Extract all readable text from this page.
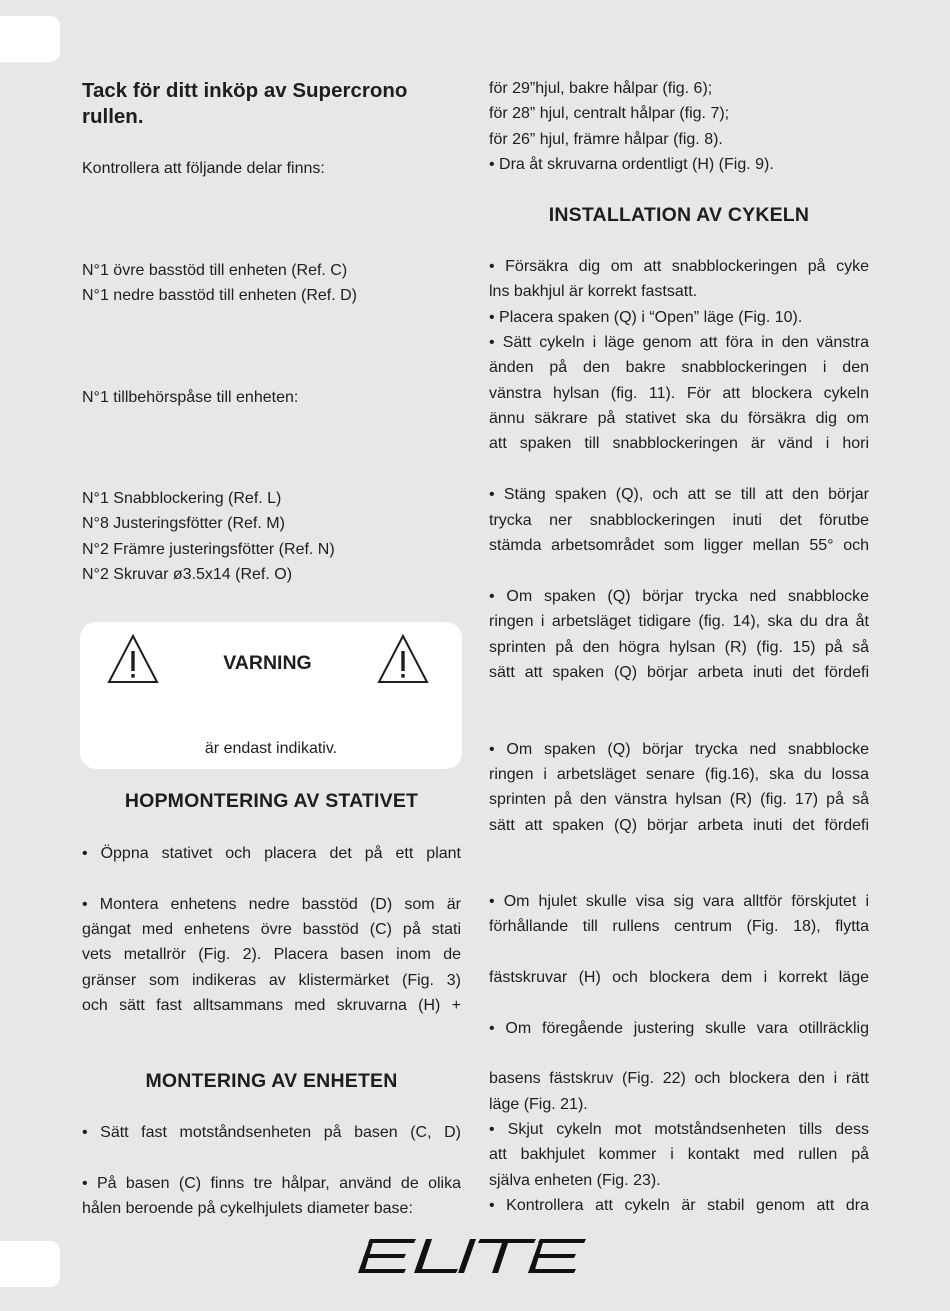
Tack för ditt inköp av Supercrono
rullen.
Kontrollera att följande delar finns:
N°1 övre basstöd till enheten (Ref. C)
N°1 nedre basstöd till enheten (Ref. D)
N°1 tillbehörspåse till enheten:
N°1 Snabblockering (Ref. L)
N°8 Justeringsfötter (Ref. M)
N°2 Främre justeringsfötter (Ref. N)
N°2 Skruvar ø3.5x14 (Ref. O)
HOPMONTERING AV STATIVET
• Öppna stativet och placera det på ett plant
• Montera enhetens nedre basstöd (D) som är
gängat med enhetens övre basstöd (C) på stati
vets metallrör (Fig. 2). Placera basen inom de
gränser som indikeras av klistermärket (Fig. 3)
och sätt fast alltsammans med skruvarna (H) +
MONTERING AV ENHETEN
• Sätt fast motståndsenheten på basen (C, D)
• På basen (C) finns tre hålpar, använd de olika
hålen beroende på cykelhjulets diameter base:
VARNING
är endast indikativ.
för 29”hjul, bakre hålpar (fig. 6);
för 28” hjul, centralt hålpar (fig. 7);
för 26” hjul, främre hålpar (fig. 8).
• Dra åt skruvarna ordentligt (H) (Fig. 9).
INSTALLATION AV CYKELN
• Försäkra dig om att snabblockeringen på cyke
lns bakhjul är korrekt fastsatt.
• Placera spaken (Q) i “Open” läge (Fig. 10).
• Sätt cykeln i läge genom att föra in den vänstra
änden på den bakre snabblockeringen i den
vänstra hylsan (fig. 11). För att blockera cykeln
ännu säkrare på stativet ska du försäkra dig om
att spaken till snabblockeringen är vänd i hori
• Stäng spaken (Q), och att se till att den börjar
trycka ner snabblockeringen inuti det förutbe
stämda arbetsområdet som ligger mellan 55° och
• Om spaken (Q) börjar trycka ned snabblocke
ringen i arbetsläget tidigare (fig. 14), ska du dra åt
sprinten på den högra hylsan (R) (fig. 15) på så
sätt att spaken (Q) börjar arbeta inuti det fördefi
• Om spaken (Q) börjar trycka ned snabblocke
ringen i arbetsläget senare (fig.16), ska du lossa
sprinten på den vänstra hylsan (R) (fig. 17) på så
sätt att spaken (Q) börjar arbeta inuti det fördefi
• Om hjulet skulle visa sig vara alltför förskjutet i
förhållande till rullens centrum (Fig. 18), flytta
fästskruvar (H) och blockera dem i korrekt läge
• Om föregående justering skulle vara otillräcklig
basens fästskruv (Fig. 22) och blockera den i rätt
läge (Fig. 21).
• Skjut cykeln mot motståndsenheten tills dess
att bakhjulet kommer i kontakt med rullen på
själva enheten (Fig. 23).
• Kontrollera att cykeln är stabil genom att dra
